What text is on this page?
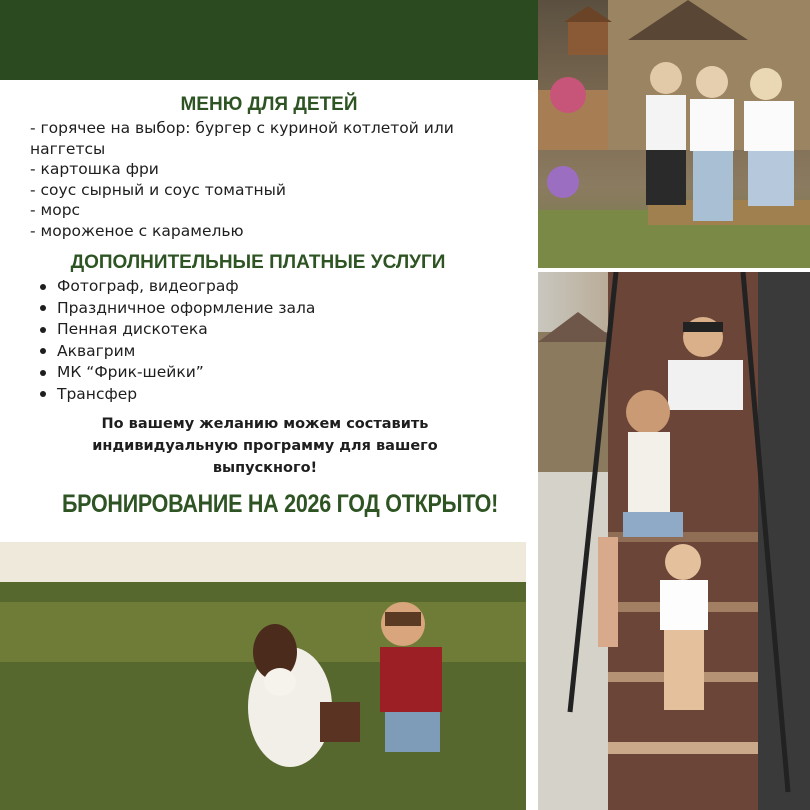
МЕНЮ ДЛЯ ДЕТЕЙ
- горячее на выбор: бургер с куриной котлетой или наггетсы
- картошка фри
- соус сырный и соус томатный
- морс
- мороженое с карамелью
ДОПОЛНИТЕЛЬНЫЕ ПЛАТНЫЕ УСЛУГИ
Фотограф, видеограф
Праздничное оформление зала
Пенная дискотека
Аквагрим
МК “Фрик-шейки”
Трансфер
По вашему желанию можем составить индивидуальную программу для вашего выпускного!
БРОНИРОВАНИЕ НА 2026 ГОД ОТКРЫТО!
